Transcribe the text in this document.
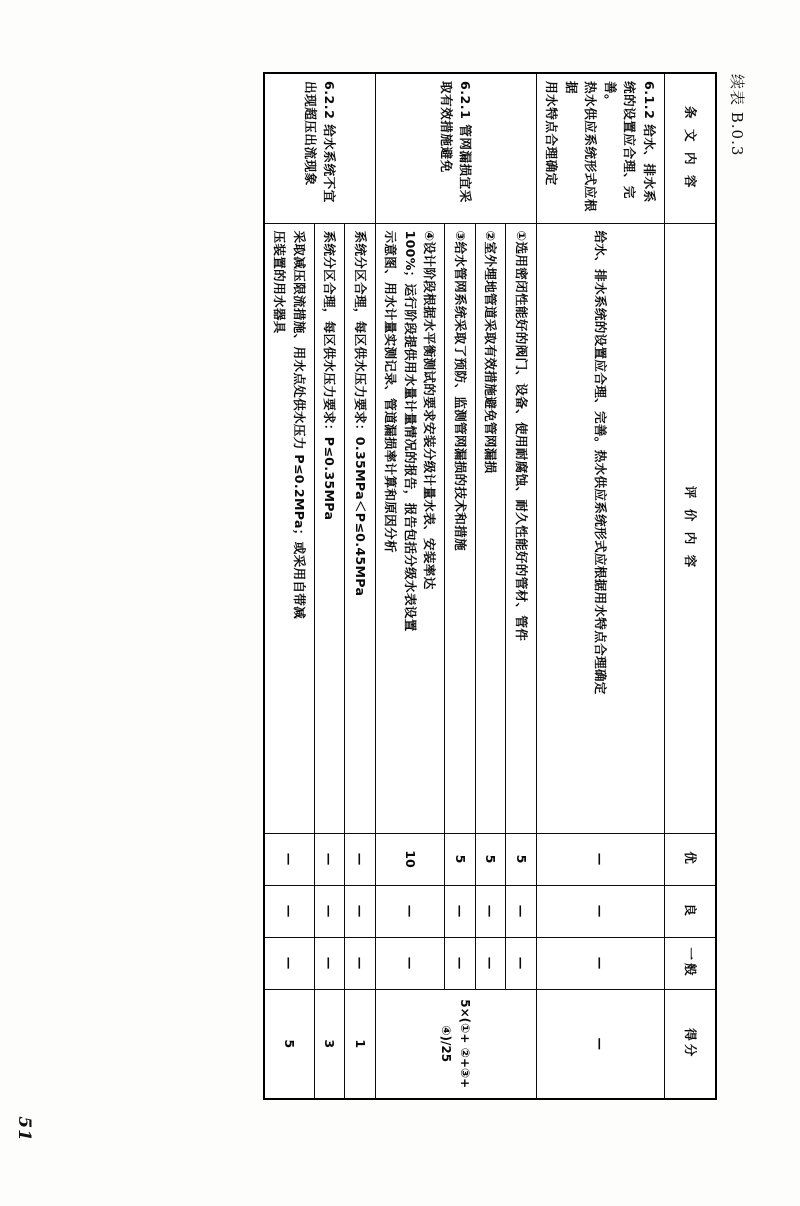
续表 B.0.3
条 文 内 容	评 价 内 容	优	良	一般	得分

6.1.2 给水、排水系
统的设置应合理、完善。
热水供应系统形式应根据
用水特点合理确定	给水、排水系统的设置应合理、完善。热水供应系统形式应根据用水特点合理确定	—	—	—	—

6.2.1 管网漏损宜采
取有效措施避免	①选用密闭性能好的阀门、设备、使用耐腐蚀、耐久性能好的管材、管件	5	—	—	5×(①+ ②+③+ ④)/25
	②室外埋地管道采取有效措施避免管网漏损	5	—	—	
	③给水管网系统采取了预防、监测管网漏损的技术和措施	5	—	—	

	④设计阶段根据水平衡测试的要求安装分级计量水表、安装率达
100%；运行阶段提供用水量计量情况的报告，报告包括分级水表设置
示意图、用水计量实测记录、管道漏损率计算和原因分析	10	—	—	

6.2.2 给水系统不宜
出现超压出流现象	系统分区合理，每区供水压力要求：0.35MPa＜P≤0.45MPa	—	—	—	1
	系统分区合理，每区供水压力要求：P≤0.35MPa	—	—	—	3

	采取减压限流措施、用水点处供水压力 P≤0.2MPa；或采用自带减
压装置的用水器具	—	—	—	5
51
